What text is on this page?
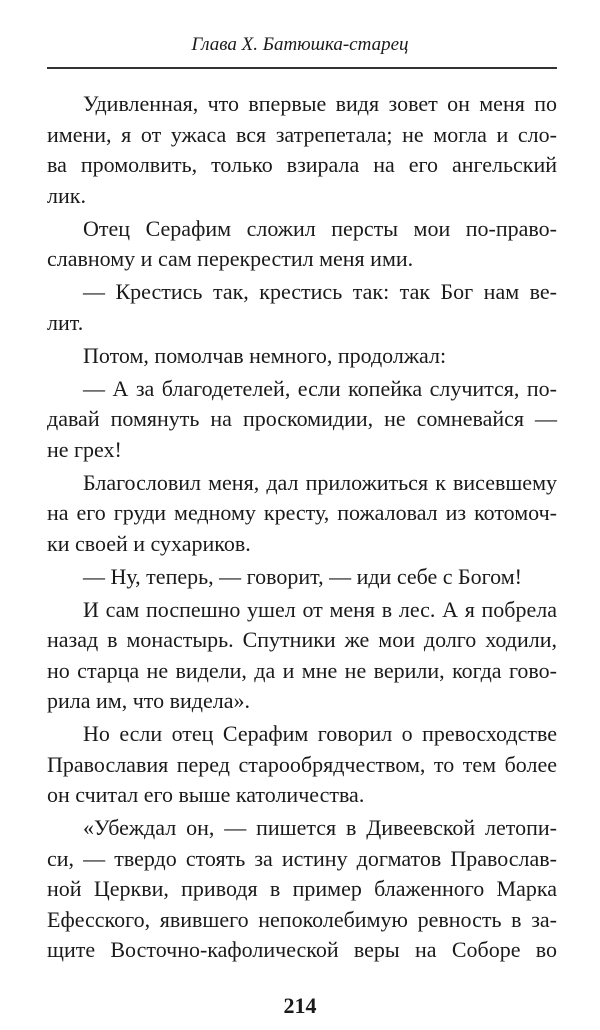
Глава X. Батюшка-старец
Удивленная, что впервые видя зовет он меня по
имени, я от ужаса вся затрепетала; не могла и сло-
ва промолвить, только взирала на его ангельский
лик.
Отец Серафим сложил персты мои по-право-
славному и сам перекрестил меня ими.
— Крестись так, крестись так: так Бог нам ве-
лит.
Потом, помолчав немного, продолжал:
— А за благодетелей, если копейка случится, по-
давай помянуть на проскомидии, не сомневайся —
не грех!
Благословил меня, дал приложиться к висевшему
на его груди медному кресту, пожаловал из котомоч-
ки своей и сухариков.
— Ну, теперь, — говорит, — иди себе с Богом!
И сам поспешно ушел от меня в лес. А я побрела
назад в монастырь. Спутники же мои долго ходили,
но старца не видели, да и мне не верили, когда гово-
рила им, что видела».
Но если отец Серафим говорил о превосходстве
Православия перед старообрядчеством, то тем более
он считал его выше католичества.
«Убеждал он, — пишется в Дивеевской летопи-
си, — твердо стоять за истину догматов Православ-
ной Церкви, приводя в пример блаженного Марка
Ефесского, явившего непоколебимую ревность в за-
щите Восточно-кафолической веры на Соборе во
214
